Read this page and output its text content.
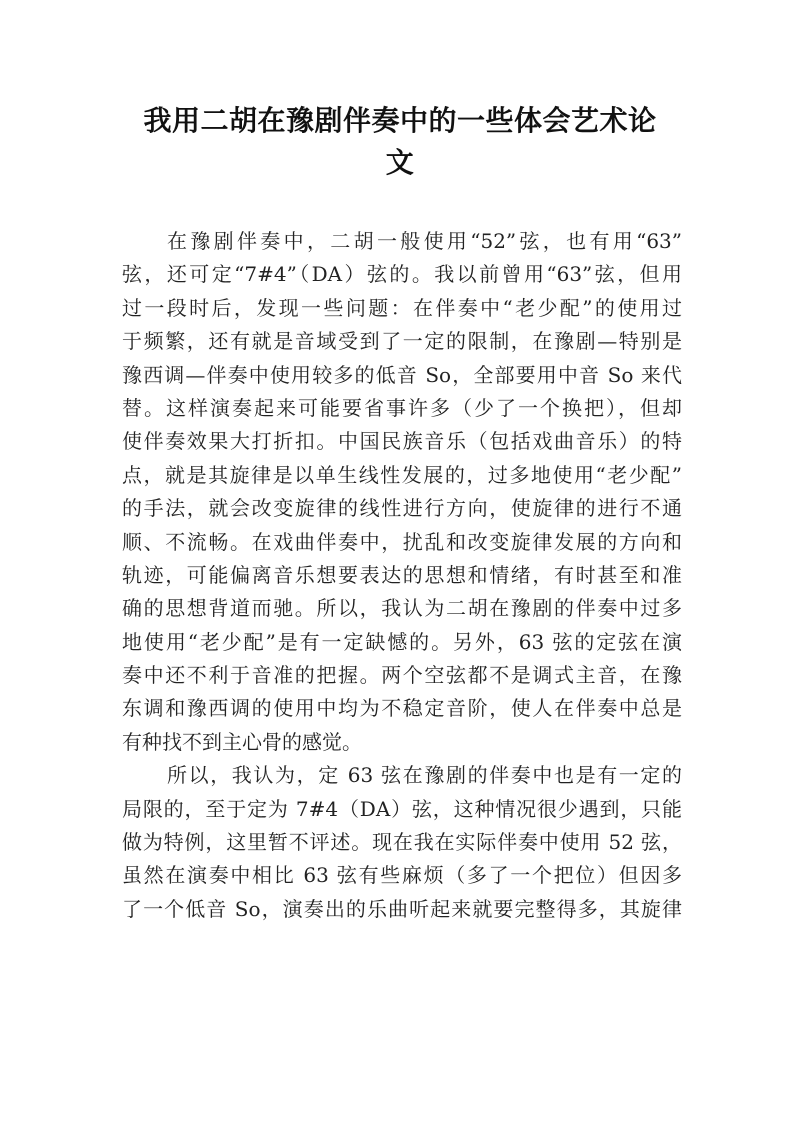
我用二胡在豫剧伴奏中的一些体会艺术论
文
在豫剧伴奏中，二胡一般使用“52”弦，也有用“63”
弦，还可定“7#4”（DA）弦的。我以前曾用“63”弦，但用
过一段时后，发现一些问题：在伴奏中“老少配”的使用过
于频繁，还有就是音域受到了一定的限制，在豫剧—特别是
豫西调—伴奏中使用较多的低音 So，全部要用中音 So 来代
替。这样演奏起来可能要省事许多（少了一个换把），但却
使伴奏效果大打折扣。中国民族音乐（包括戏曲音乐）的特
点，就是其旋律是以单生线性发展的，过多地使用“老少配”
的手法，就会改变旋律的线性进行方向，使旋律的进行不通
顺、不流畅。在戏曲伴奏中，扰乱和改变旋律发展的方向和
轨迹，可能偏离音乐想要表达的思想和情绪，有时甚至和准
确的思想背道而驰。所以，我认为二胡在豫剧的伴奏中过多
地使用“老少配”是有一定缺憾的。另外，63 弦的定弦在演
奏中还不利于音准的把握。两个空弦都不是调式主音，在豫
东调和豫西调的使用中均为不稳定音阶，使人在伴奏中总是
有种找不到主心骨的感觉。
所以，我认为，定 63 弦在豫剧的伴奏中也是有一定的
局限的，至于定为 7#4（DA）弦，这种情况很少遇到，只能
做为特例，这里暂不评述。现在我在实际伴奏中使用 52 弦，
虽然在演奏中相比 63 弦有些麻烦（多了一个把位）但因多
了一个低音 So，演奏出的乐曲听起来就要完整得多，其旋律
